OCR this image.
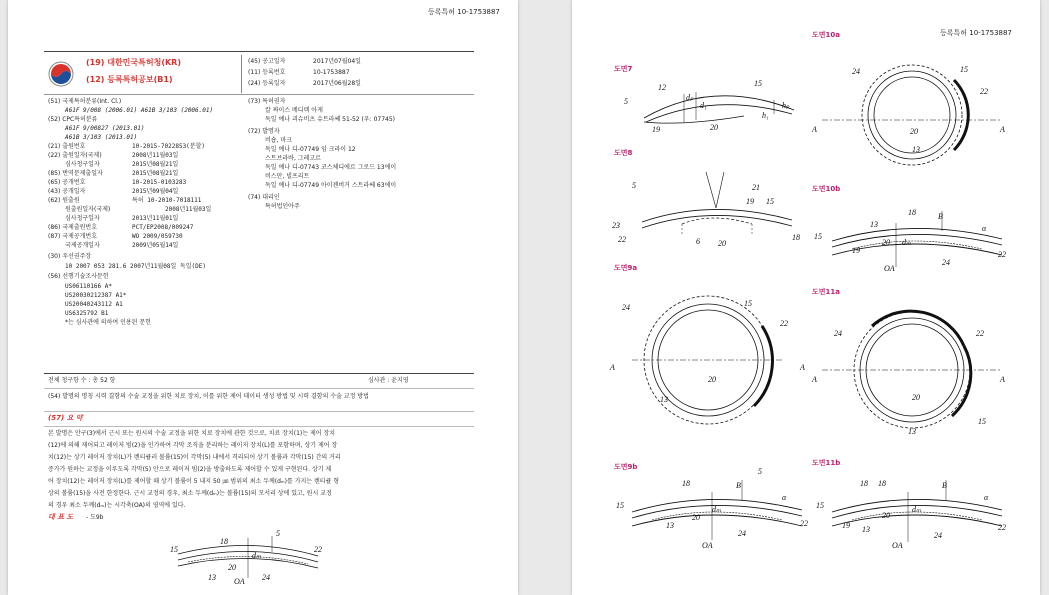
등록특허 10-1753887
(19) 대한민국특허청(KR)
(12) 등록특허공보(B1)
(45) 공고일자	2017년07월04일
(11) 등록번호	10-1753887
(24) 등록일자	2017년06월28일
(51) 국제특허분류(Int. Cl.)
A61F 9/008 (2006.01) A61B 3/103 (2006.01)
(52) CPC특허분류
A61F 9/00827 (2013.01)
A61B 3/103 (2013.01)
(21) 출원번호	10-2015-7022853(분할)
(22) 출원일자(국제)	2008년11월03일
심사청구일자	2015년08월21일
(85) 번역문제출일자	2015년08월21일
(65) 공개번호	10-2015-0103283
(43) 공개일자	2015년09월04일
(62) 원출원	특허 10-2010-7018111
원출원일자(국제)	2008년11월03일
심사청구일자	2013년11월01일
(86) 국제출원번호	PCT/EP2008/009247
(87) 국제공개번호	WO 2009/059730
국제공개일자	2009년05월14일
(30) 우선권주장
10 2007 053 281.6 2007년11월08일 독일(DE)
(56) 선행기술조사문헌
US06110166 A*
US20030212387 A1*
US20040243112 A1
US6325792 B1
*는 심사관에 의하여 인용된 문헌
(73) 특허권자
칼 짜이스 메디텍 아게
독일 예나 괴슈비츠 슈트라쎄 51-52 (우: 07745)
(72) 발명자
비숍, 마크
독일 예나 디-07749 임 크라이 12
스트브라바, 그레고르
독일 예나 디-07743 코스체디에르 그로드 13에이
비스만, 빌프리트
독일 예나 디-07749 아이젠버거 스트라쎄 63에이
(74) 대리인
특허법인아주
전체 청구항 수 : 총 52 항	심사관 : 윤지영
(54) 발명의 명칭 시력 결함의 수술 교정을 위한 치료 장치, 이를 위한 제어 데이터 생성 방법 및 시력 결함의 수술 교정 방법
(57) 요 약
본 발명은 안구(3)에서 근시 또는 원시의 수술 교정을 위한 치료 장치에 관한 것으로, 치료 장치(1)는 제어 장치
(12)에 의해 제어되고 레이저 빔(2)을 인가하여 각막 조직을 분리하는 레이저 장치(L)를 포함하며, 상기 제어 장
치(12)는 상기 레이저 장치(L)가 렌티큘러 볼륨(15)이 각막(5) 내에서 격리되어 상기 볼륨과 각막(15) 간의 거리
증가가 원하는 교정을 이루도록 각막(5) 안으로 레이저 빔(2)을 방출하도록 제어할 수 있게 구현된다. 상기 제
어 장치(12)는 레이저 장치(L)를 제어할 때 상기 볼륨이 5 내지 50 ㎛ 범위의 최소 두께(dₘ)를 가지는 렌티큘 형
상의 볼륨(15)을 사전 한정한다. 근시 교정의 경우, 최소 두께(dₘ)는 볼륨(15)의 모서리 상에 있고, 원시 교정
의 경우 최소 두께(dₘ)는 시각축(OA)의 영역에 있다.
대 표 도 - 도9b
15
18
5
22
20
dₘ
13 OA 24
등록특허 10-1753887
도면7
5
12	15
dₚ
d₁	hₚ
h₁
19	20
도면8
5	21
19 15
23
22	6 20
18
도면9a
A	A
24	15
22
20
13
도면9b	5
15
18	B
α
22
20
dₘ
13
OA
24
도면10a
A	A
24	15
22
20
13
도면10b
15
13
18	B
α
20 dₘ
19	22
OA
24
도면11a
A	A
24	22
20
13
15
도면11b
15
18 18	B
α
20
dₘ
19 13	22
OA
24
